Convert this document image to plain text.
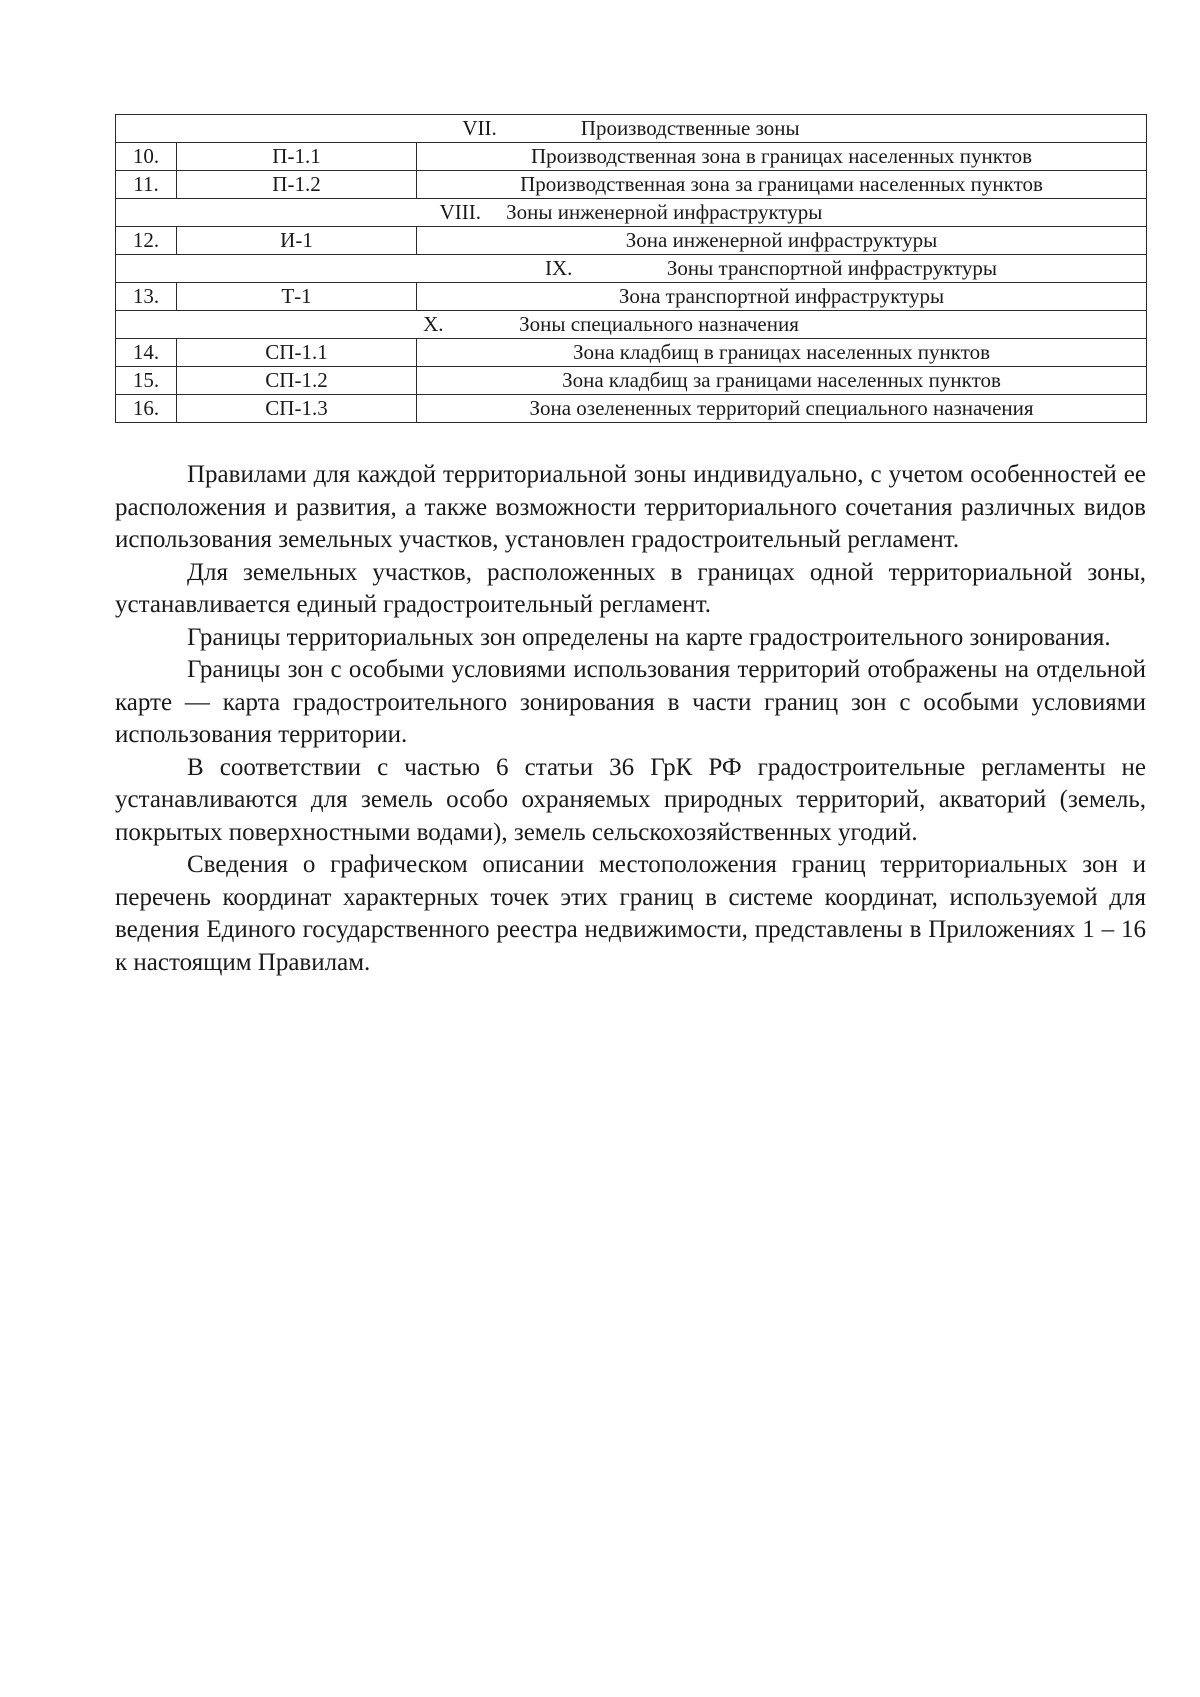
VII. Производственные зоны		
10.	П-1.1	Производственная зона в границах населенных пунктов
11.	П-1.2	Производственная зона за границами населенных пунктов
VIII. Зоны инженерной инфраструктуры		
12.	И-1	Зона инженерной инфраструктуры
IX. Зоны транспортной инфраструктуры		
13.	Т-1	Зона транспортной инфраструктуры
X. Зоны специального назначения		
14.	СП-1.1	Зона кладбищ в границах населенных пунктов
15.	СП-1.2	Зона кладбищ за границами населенных пунктов
16.	СП-1.3	Зона озелененных территорий специального назначения

Правилами для каждой территориальной зоны индивидуально, с учетом особенностей ее расположения и развития, а также возможности территориального сочетания различных видов использования земельных участков, установлен градостроительный регламент.

Для земельных участков, расположенных в границах одной территориальной зоны, устанавливается единый градостроительный регламент.

Границы территориальных зон определены на карте градостроительного зонирования.

Границы зон с особыми условиями использования территорий отображены на отдельной карте — карта градостроительного зонирования в части границ зон с особыми условиями использования территории.

В соответствии с частью 6 статьи 36 ГрК РФ градостроительные регламенты не устанавливаются для земель особо охраняемых природных территорий, акваторий (земель, покрытых поверхностными водами), земель сельскохозяйственных угодий.

Сведения о графическом описании местоположения границ территориальных зон и перечень координат характерных точек этих границ в системе координат, используемой для ведения Единого государственного реестра недвижимости, представлены в Приложениях 1 – 16 к настоящим Правилам.
